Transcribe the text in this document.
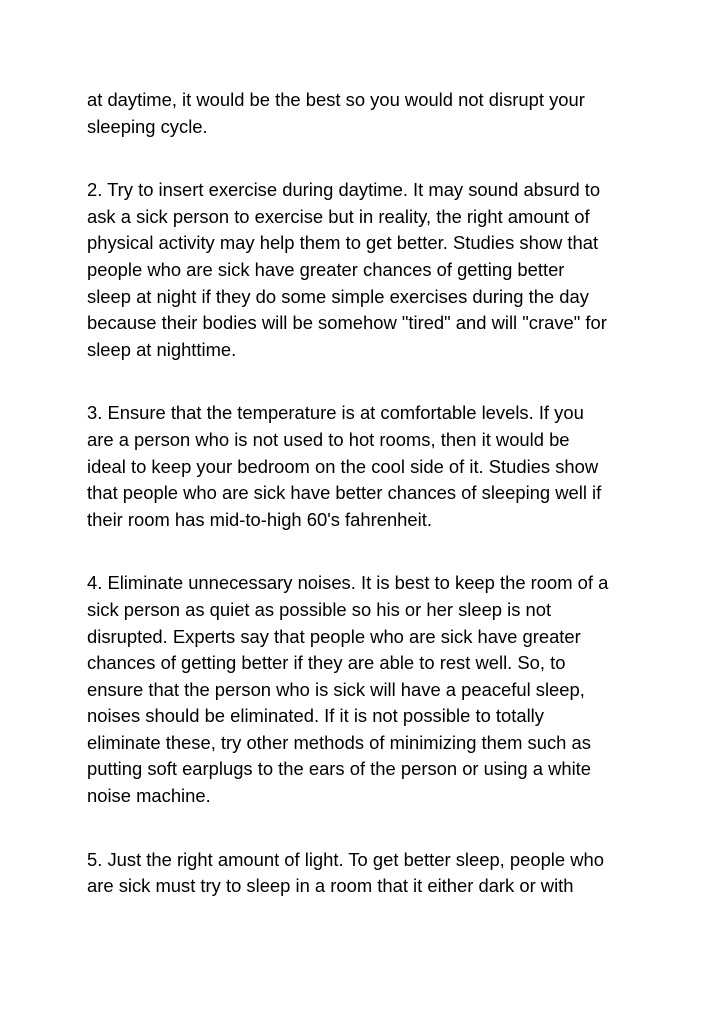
at daytime, it would be the best so you would not disrupt your
sleeping cycle.

2. Try to insert exercise during daytime. It may sound absurd to
ask a sick person to exercise but in reality, the right amount of
physical activity may help them to get better. Studies show that
people who are sick have greater chances of getting better
sleep at night if they do some simple exercises during the day
because their bodies will be somehow "tired" and will "crave" for
sleep at nighttime.

3. Ensure that the temperature is at comfortable levels. If you
are a person who is not used to hot rooms, then it would be
ideal to keep your bedroom on the cool side of it. Studies show
that people who are sick have better chances of sleeping well if
their room has mid-to-high 60's fahrenheit.

4. Eliminate unnecessary noises. It is best to keep the room of a
sick person as quiet as possible so his or her sleep is not
disrupted. Experts say that people who are sick have greater
chances of getting better if they are able to rest well. So, to
ensure that the person who is sick will have a peaceful sleep,
noises should be eliminated. If it is not possible to totally
eliminate these, try other methods of minimizing them such as
putting soft earplugs to the ears of the person or using a white
noise machine.

5. Just the right amount of light. To get better sleep, people who
are sick must try to sleep in a room that it either dark or with
